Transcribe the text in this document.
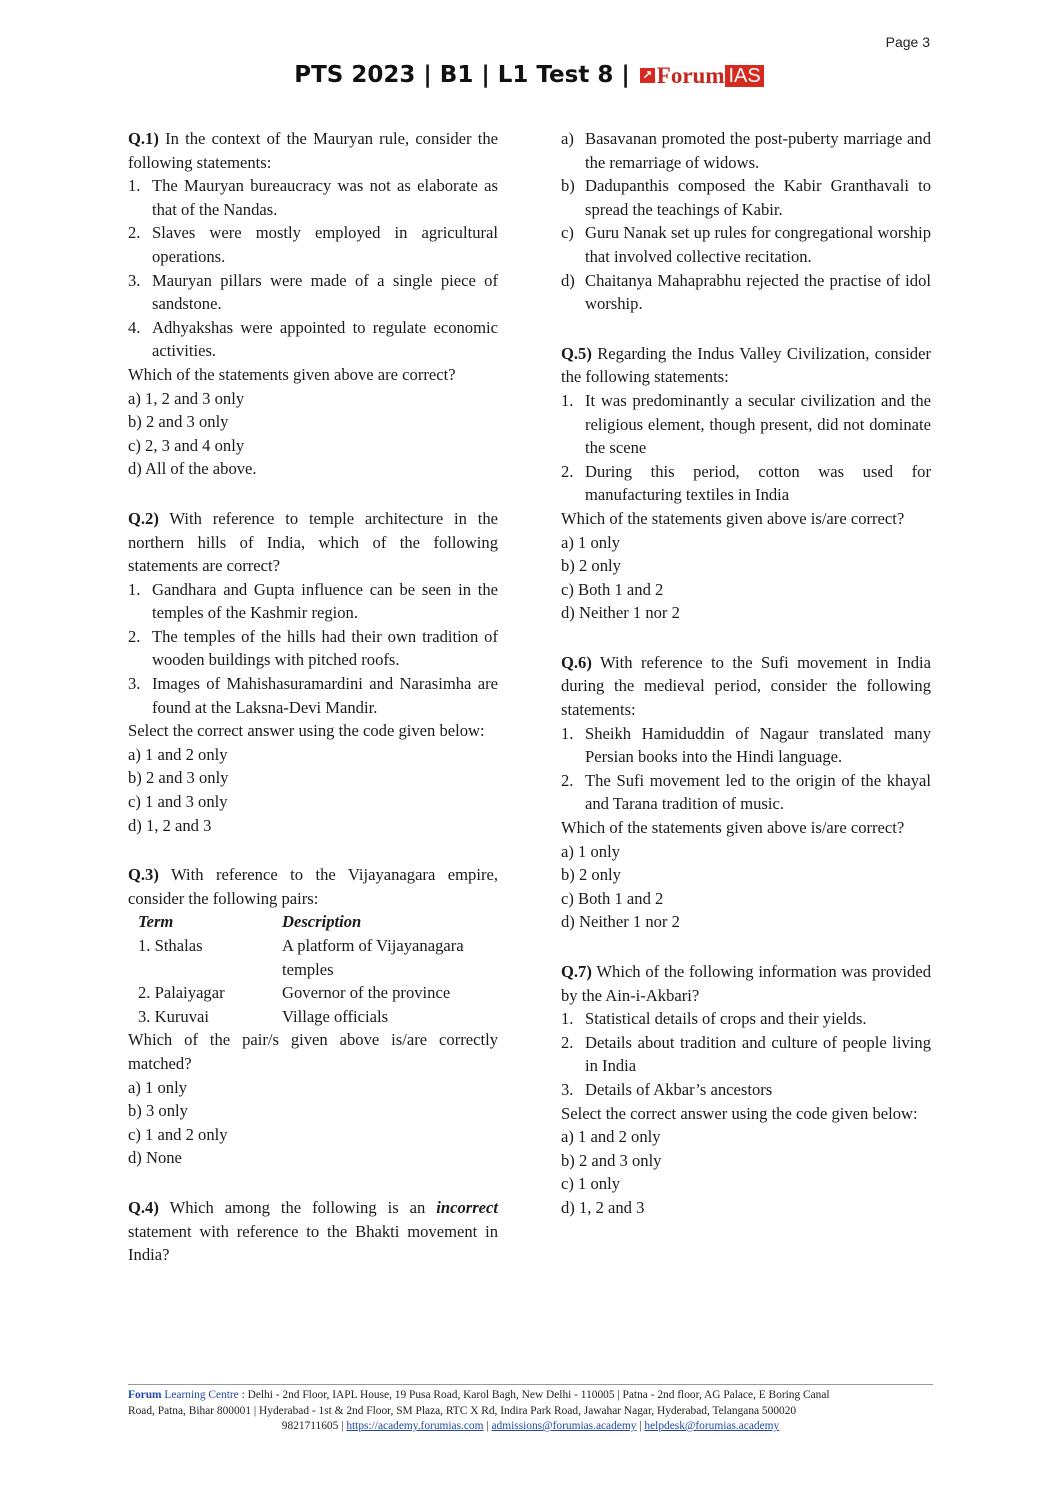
Page 3
PTS 2023 | B1 | L1 Test 8 | ↗ Forum IAS

Q.1) In the context of the Mauryan rule, consider the following statements:

1. The Mauryan bureaucracy was not as elaborate as that of the Nandas.
2. Slaves were mostly employed in agricultural operations.
3. Mauryan pillars were made of a single piece of sandstone.
4. Adhyakshas were appointed to regulate economic activities.

Which of the statements given above are correct?

a) 1, 2 and 3 only

b) 2 and 3 only

c) 2, 3 and 4 only

d) All of the above.

Q.2) With reference to temple architecture in the northern hills of India, which of the following statements are correct?

1. Gandhara and Gupta influence can be seen in the temples of the Kashmir region.
2. The temples of the hills had their own tradition of wooden buildings with pitched roofs.
3. Images of Mahishasuramardini and Narasimha are found at the Laksna-Devi Mandir.

Select the correct answer using the code given below:

a) 1 and 2 only

b) 2 and 3 only

c) 1 and 3 only

d) 1, 2 and 3

Q.3) With reference to the Vijayanagara empire, consider the following pairs:

Term	Description
1. Sthalas	A platform of Vijayanagara temples
2. Palaiyagar	Governor of the province
3. Kuruvai	Village officials

Which of the pair/s given above is/are correctly matched?

a) 1 only

b) 3 only

c) 1 and 2 only

d) None

Q.4) Which among the following is an incorrect statement with reference to the Bhakti movement in India?

a) Basavanan promoted the post-puberty marriage and the remarriage of widows.
b) Dadupanthis composed the Kabir Granthavali to spread the teachings of Kabir.
c) Guru Nanak set up rules for congregational worship that involved collective recitation.
d) Chaitanya Mahaprabhu rejected the practise of idol worship.

Q.5) Regarding the Indus Valley Civilization, consider the following statements:

1. It was predominantly a secular civilization and the religious element, though present, did not dominate the scene
2. During this period, cotton was used for manufacturing textiles in India

Which of the statements given above is/are correct?

a) 1 only

b) 2 only

c) Both 1 and 2

d) Neither 1 nor 2

Q.6) With reference to the Sufi movement in India during the medieval period, consider the following statements:

1. Sheikh Hamiduddin of Nagaur translated many Persian books into the Hindi language.
2. The Sufi movement led to the origin of the khayal and Tarana tradition of music.

Which of the statements given above is/are correct?

a) 1 only

b) 2 only

c) Both 1 and 2

d) Neither 1 nor 2

Q.7) Which of the following information was provided by the Ain-i-Akbari?

1. Statistical details of crops and their yields.
2. Details about tradition and culture of people living in India
3. Details of Akbar’s ancestors

Select the correct answer using the code given below:

a) 1 and 2 only

b) 2 and 3 only

c) 1 only

d) 1, 2 and 3

Forum Learning Centre : Delhi - 2nd Floor, IAPL House, 19 Pusa Road, Karol Bagh, New Delhi - 110005 | Patna - 2nd floor, AG Palace, E Boring Canal
Road, Patna, Bihar 800001 | Hyderabad - 1st & 2nd Floor, SM Plaza, RTC X Rd, Indira Park Road, Jawahar Nagar, Hyderabad, Telangana 500020
9821711605 | https://academy.forumias.com | admissions@forumias.academy | helpdesk@forumias.academy
